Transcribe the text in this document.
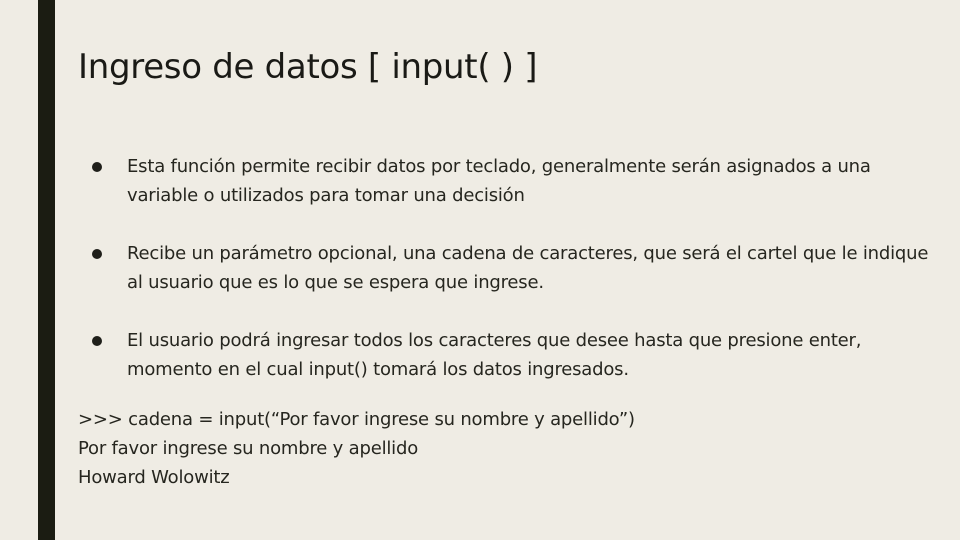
Ingreso de datos [ input( ) ]
Esta función permite recibir datos por teclado, generalmente serán asignados a una variable o utilizados para tomar una decisión
Recibe un parámetro opcional, una cadena de caracteres, que será el cartel que le indique al usuario que es lo que se espera que ingrese.
El usuario podrá ingresar todos los caracteres que desee hasta que presione enter, momento en el cual input() tomará los datos ingresados.
>>> cadena = input(“Por favor ingrese su nombre y apellido”)
Por favor ingrese su nombre y apellido
Howard Wolowitz
